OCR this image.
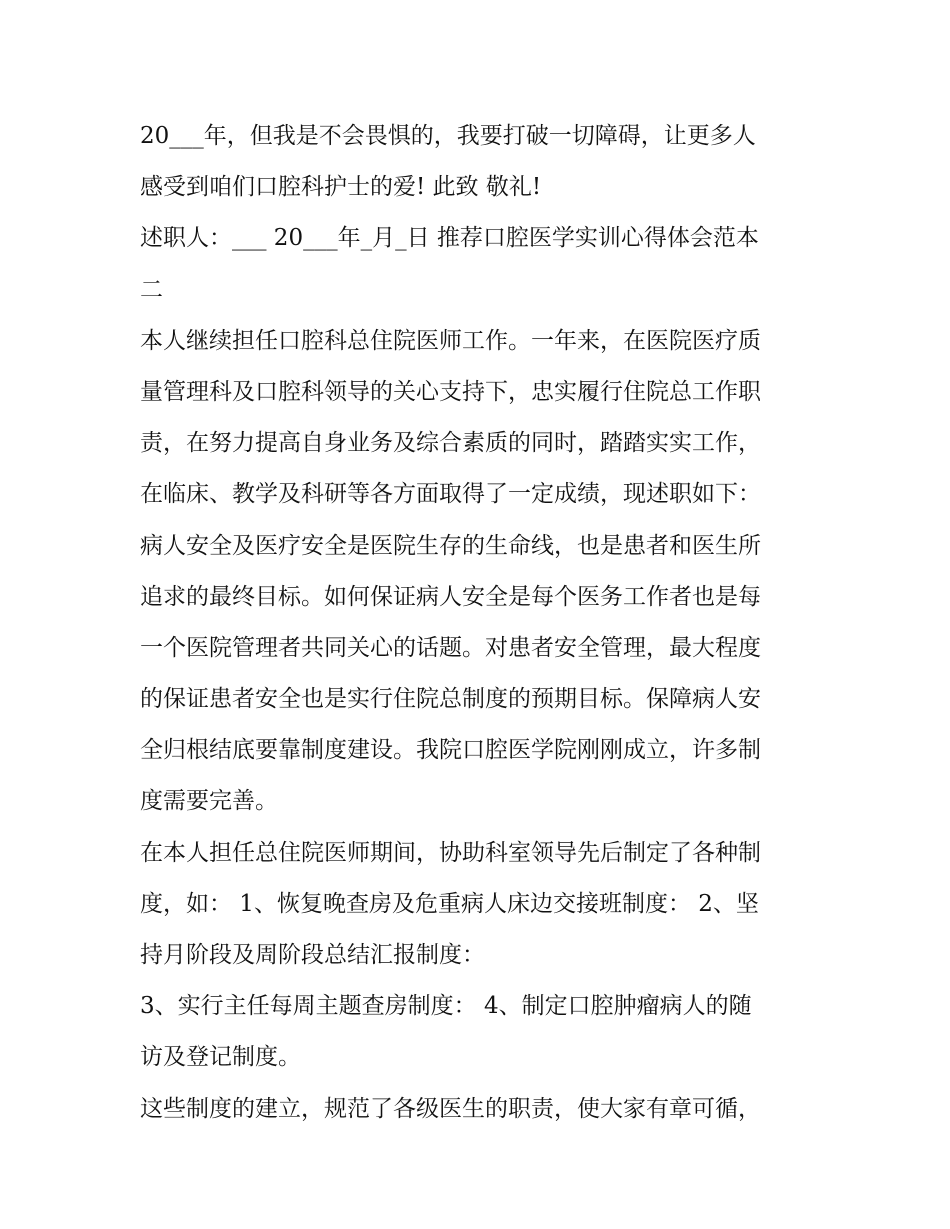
20___年，但我是不会畏惧的，我要打破一切障碍，让更多人
感受到咱们口腔科护士的爱! 此致 敬礼!
述职人：___ 20___年_月_日 推荐口腔医学实训心得体会范本
二
本人继续担任口腔科总住院医师工作。一年来，在医院医疗质
量管理科及口腔科领导的关心支持下，忠实履行住院总工作职
责，在努力提高自身业务及综合素质的同时，踏踏实实工作，
在临床、教学及科研等各方面取得了一定成绩，现述职如下：
病人安全及医疗安全是医院生存的生命线，也是患者和医生所
追求的最终目标。如何保证病人安全是每个医务工作者也是每
一个医院管理者共同关心的话题。对患者安全管理，最大程度
的保证患者安全也是实行住院总制度的预期目标。保障病人安
全归根结底要靠制度建设。我院口腔医学院刚刚成立，许多制
度需要完善。
在本人担任总住院医师期间，协助科室领导先后制定了各种制
度，如： 1、恢复晚查房及危重病人床边交接班制度： 2、坚
持月阶段及周阶段总结汇报制度：
3、实行主任每周主题查房制度： 4、制定口腔肿瘤病人的随
访及登记制度。
这些制度的建立，规范了各级医生的职责，使大家有章可循，
